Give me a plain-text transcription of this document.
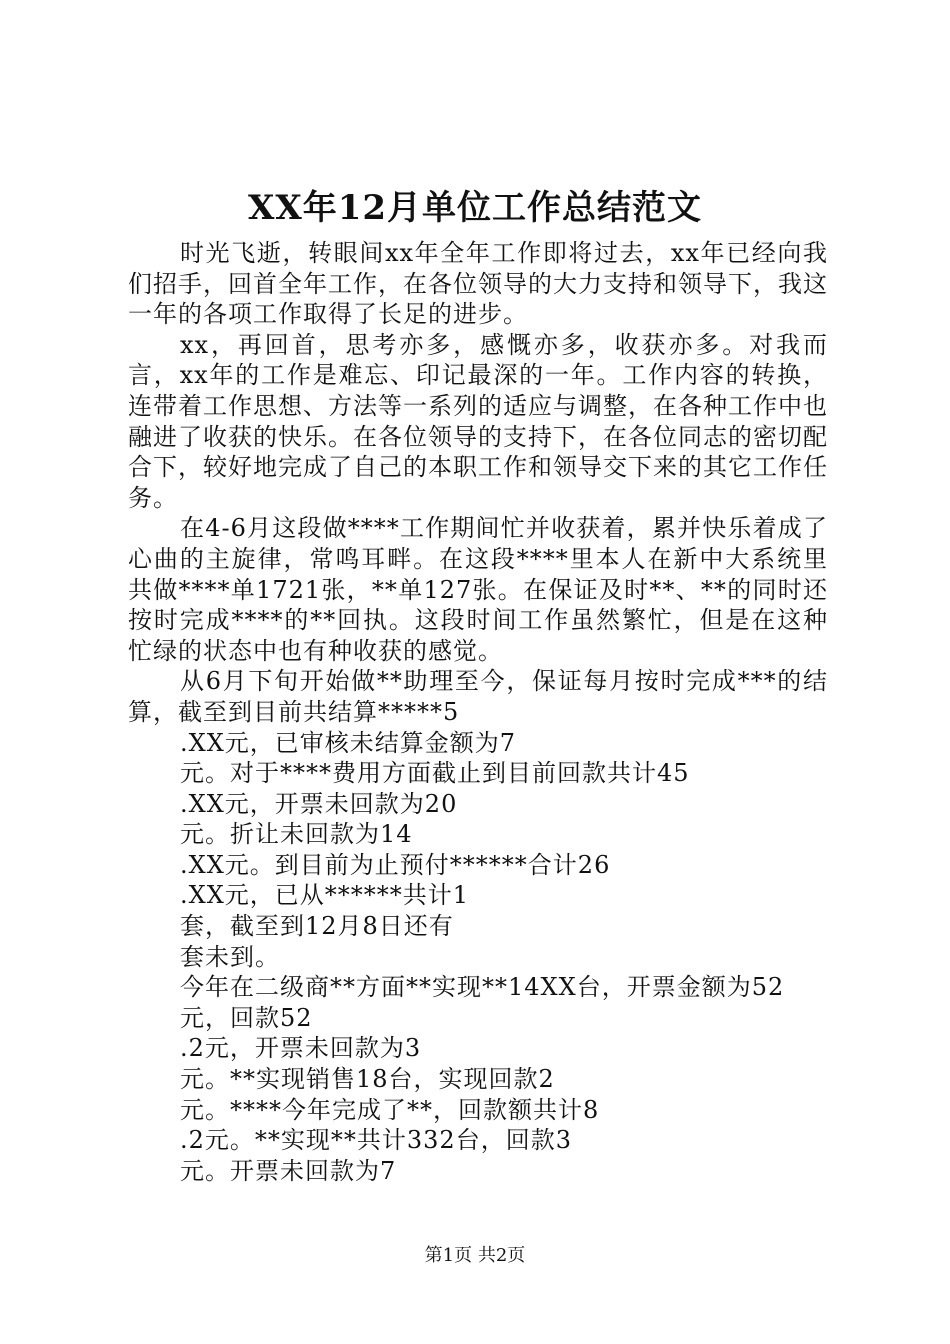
XX年12月单位工作总结范文

时光飞逝，转眼间xx年全年工作即将过去，xx年已经向我们招手，回首全年工作，在各位领导的大力支持和领导下，我这一年的各项工作取得了长足的进步。

xx，再回首，思考亦多，感慨亦多，收获亦多。对我而言，xx年的工作是难忘、印记最深的一年。工作内容的转换，连带着工作思想、方法等一系列的适应与调整，在各种工作中也融进了收获的快乐。在各位领导的支持下，在各位同志的密切配合下，较好地完成了自己的本职工作和领导交下来的其它工作任务。

在4-6月这段做****工作期间忙并收获着，累并快乐着成了心曲的主旋律，常鸣耳畔。在这段****里本人在新中大系统里共做****单1721张，**单127张。在保证及时**、**的同时还按时完成****的**回执。这段时间工作虽然繁忙，但是在这种忙绿的状态中也有种收获的感觉。

从6月下旬开始做**助理至今，保证每月按时完成***的结算，截至到目前共结算*****5

.XX元，已审核未结算金额为7

元。对于****费用方面截止到目前回款共计45

.XX元，开票未回款为20

元。折让未回款为14

.XX元。到目前为止预付******合计26

.XX元，已从******共计1

套，截至到12月8日还有

套未到。

今年在二级商**方面**实现**14XX台，开票金额为52

元，回款52

.2元，开票未回款为3

元。**实现销售18台，实现回款2

元。****今年完成了**，回款额共计8

.2元。**实现**共计332台，回款3

元。开票未回款为7

第1页 共2页
